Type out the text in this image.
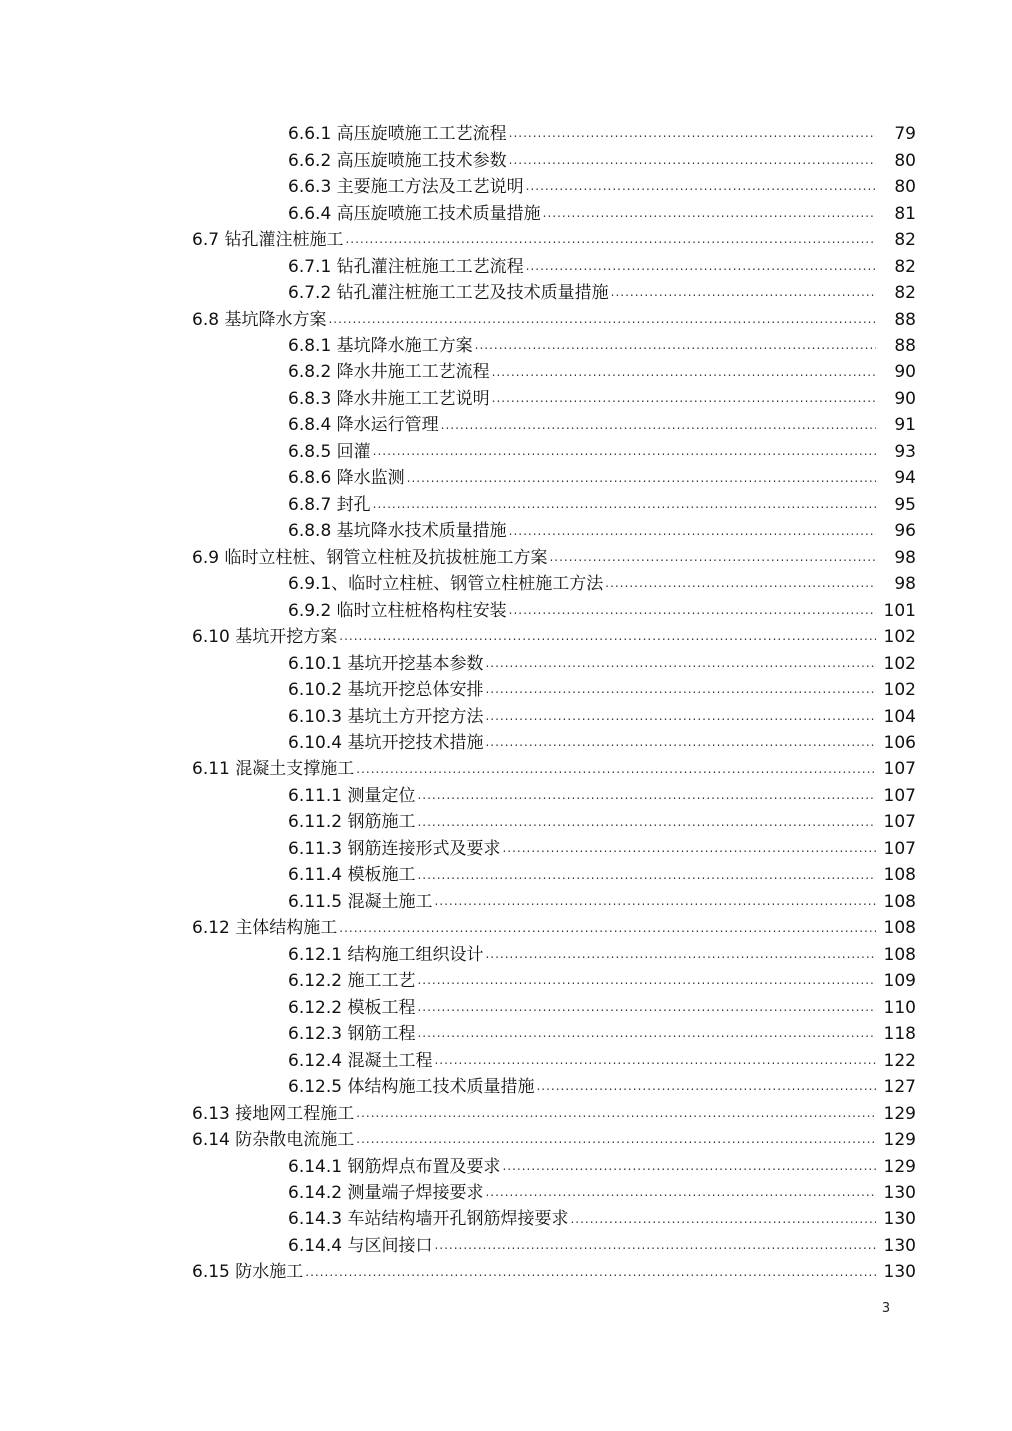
6.6.1 高压旋喷施工工艺流程 .....	79
6.6.2 高压旋喷施工技术参数 .....	80
6.6.3 主要施工方法及工艺说明 .....	80
6.6.4 高压旋喷施工技术质量措施 .....	81
6.7 钻孔灌注桩施工 .....	82
6.7.1 钻孔灌注桩施工工艺流程 .....	82
6.7.2 钻孔灌注桩施工工艺及技术质量措施 .....	82
6.8 基坑降水方案 .....	88
6.8.1 基坑降水施工方案 .....	88
6.8.2 降水井施工工艺流程 .....	90
6.8.3 降水井施工工艺说明 .....	90
6.8.4 降水运行管理 .....	91
6.8.5 回灌 .....	93
6.8.6 降水监测 .....	94
6.8.7 封孔 .....	95
6.8.8 基坑降水技术质量措施 .....	96
6.9 临时立柱桩、钢管立柱桩及抗拔桩施工方案 .....	98
6.9.1、临时立柱桩、钢管立柱桩施工方法 .....	98
6.9.2 临时立柱桩格构柱安装 .....	101
6.10 基坑开挖方案 .....	102
6.10.1 基坑开挖基本参数 .....	102
6.10.2 基坑开挖总体安排 .....	102
6.10.3 基坑土方开挖方法 .....	104
6.10.4 基坑开挖技术措施 .....	106
6.11 混凝土支撑施工 .....	107
6.11.1 测量定位 .....	107
6.11.2 钢筋施工 .....	107
6.11.3 钢筋连接形式及要求 .....	107
6.11.4 模板施工 .....	108
6.11.5 混凝土施工 .....	108
6.12 主体结构施工 .....	108
6.12.1 结构施工组织设计 .....	108
6.12.2 施工工艺 .....	109
6.12.2 模板工程 .....	110
6.12.3 钢筋工程 .....	118
6.12.4 混凝土工程 .....	122
6.12.5 体结构施工技术质量措施 .....	127
6.13 接地网工程施工 .....	129
6.14 防杂散电流施工 .....	129
6.14.1 钢筋焊点布置及要求 .....	129
6.14.2 测量端子焊接要求 .....	130
6.14.3 车站结构墙开孔钢筋焊接要求 .....	130
6.14.4 与区间接口 .....	130
6.15 防水施工 .....	130
3
